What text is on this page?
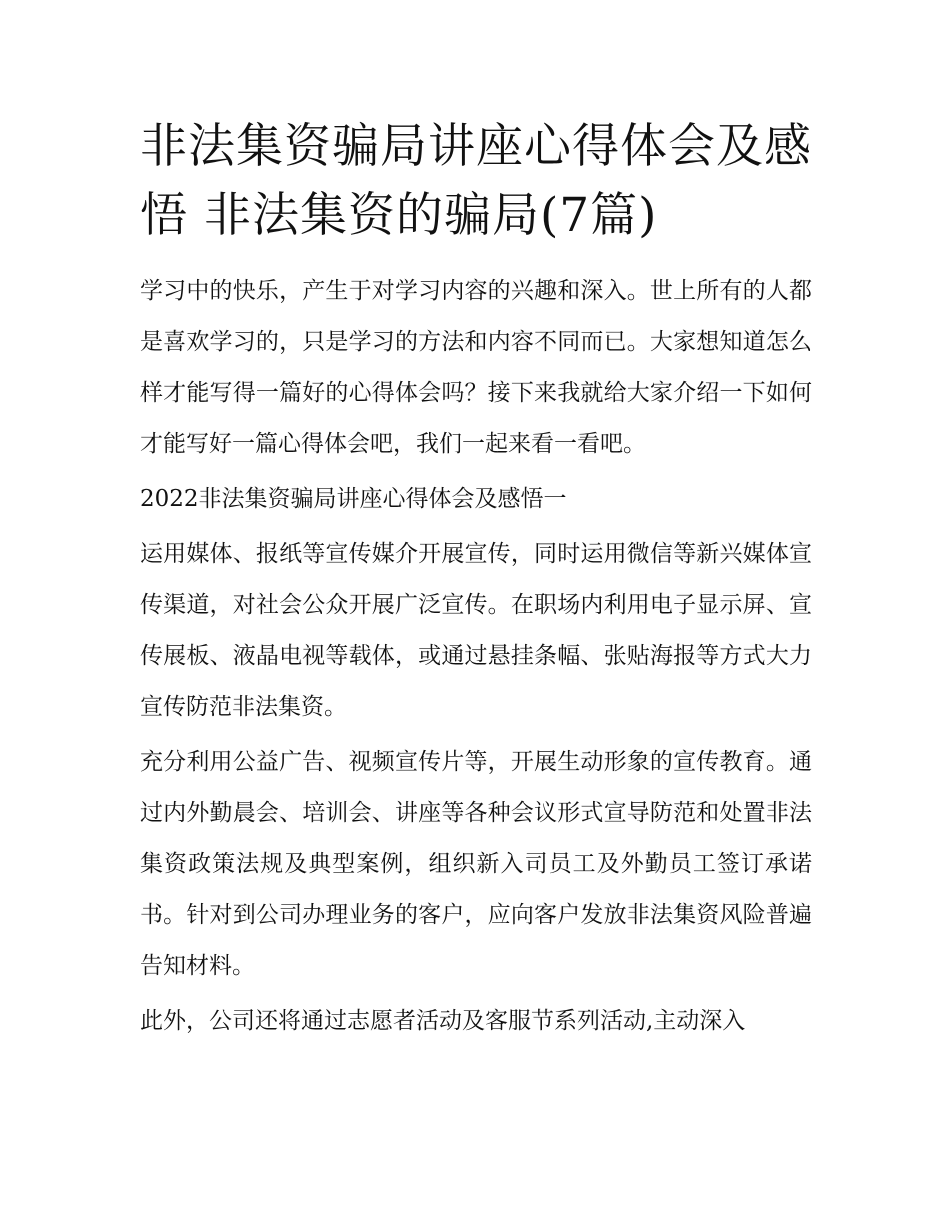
非法集资骗局讲座心得体会及感悟 非法集资的骗局(7篇)

学习中的快乐，产生于对学习内容的兴趣和深入。世上所有的人都是喜欢学习的，只是学习的方法和内容不同而已。大家想知道怎么样才能写得一篇好的心得体会吗？接下来我就给大家介绍一下如何才能写好一篇心得体会吧，我们一起来看一看吧。

2022非法集资骗局讲座心得体会及感悟一

运用媒体、报纸等宣传媒介开展宣传，同时运用微信等新兴媒体宣传渠道，对社会公众开展广泛宣传。在职场内利用电子显示屏、宣传展板、液晶电视等载体，或通过悬挂条幅、张贴海报等方式大力宣传防范非法集资。

充分利用公益广告、视频宣传片等，开展生动形象的宣传教育。通过内外勤晨会、培训会、讲座等各种会议形式宣导防范和处置非法集资政策法规及典型案例，组织新入司员工及外勤员工签订承诺书。针对到公司办理业务的客户，应向客户发放非法集资风险普遍告知材料。

此外，公司还将通过志愿者活动及客服节系列活动,主动深入
